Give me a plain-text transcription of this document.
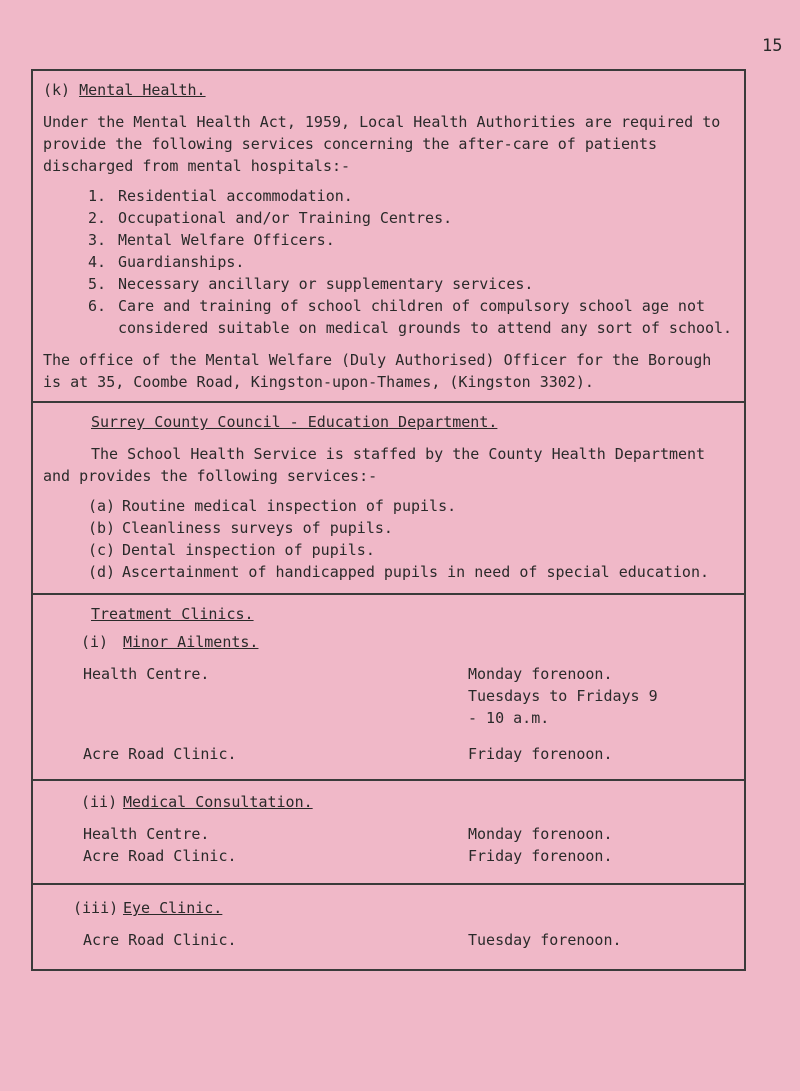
15
(k) Mental Health.

Under the Mental Health Act, 1959, Local Health Authorities are required to provide the following services concerning the after-care of patients discharged from mental hospitals:-

1. Residential accommodation.
2. Occupational and/or Training Centres.
3. Mental Welfare Officers.
4. Guardianships.
5. Necessary ancillary or supplementary services.
6. Care and training of school children of compulsory school age not considered suitable on medical grounds to attend any sort of school.

The office of the Mental Welfare (Duly Authorised) Officer for the Borough is at 35, Coombe Road, Kingston-upon-Thames, (Kingston 3302).

Surrey County Council - Education Department.

The School Health Service is staffed by the County Health Department and provides the following services:-

(a) Routine medical inspection of pupils.
(b) Cleanliness surveys of pupils.
(c) Dental inspection of pupils.
(d) Ascertainment of handicapped pupils in need of special education.
Treatment Clinics.
(i) Minor Ailments.
Health Centre.	Monday forenoon. Tuesdays to Fridays 9 - 10 a.m.
Acre Road Clinic.	Friday forenoon.
(ii) Medical Consultation.
Health Centre.	Monday forenoon.
Acre Road Clinic.	Friday forenoon.
(iii) Eye Clinic.
Acre Road Clinic.	Tuesday forenoon.
